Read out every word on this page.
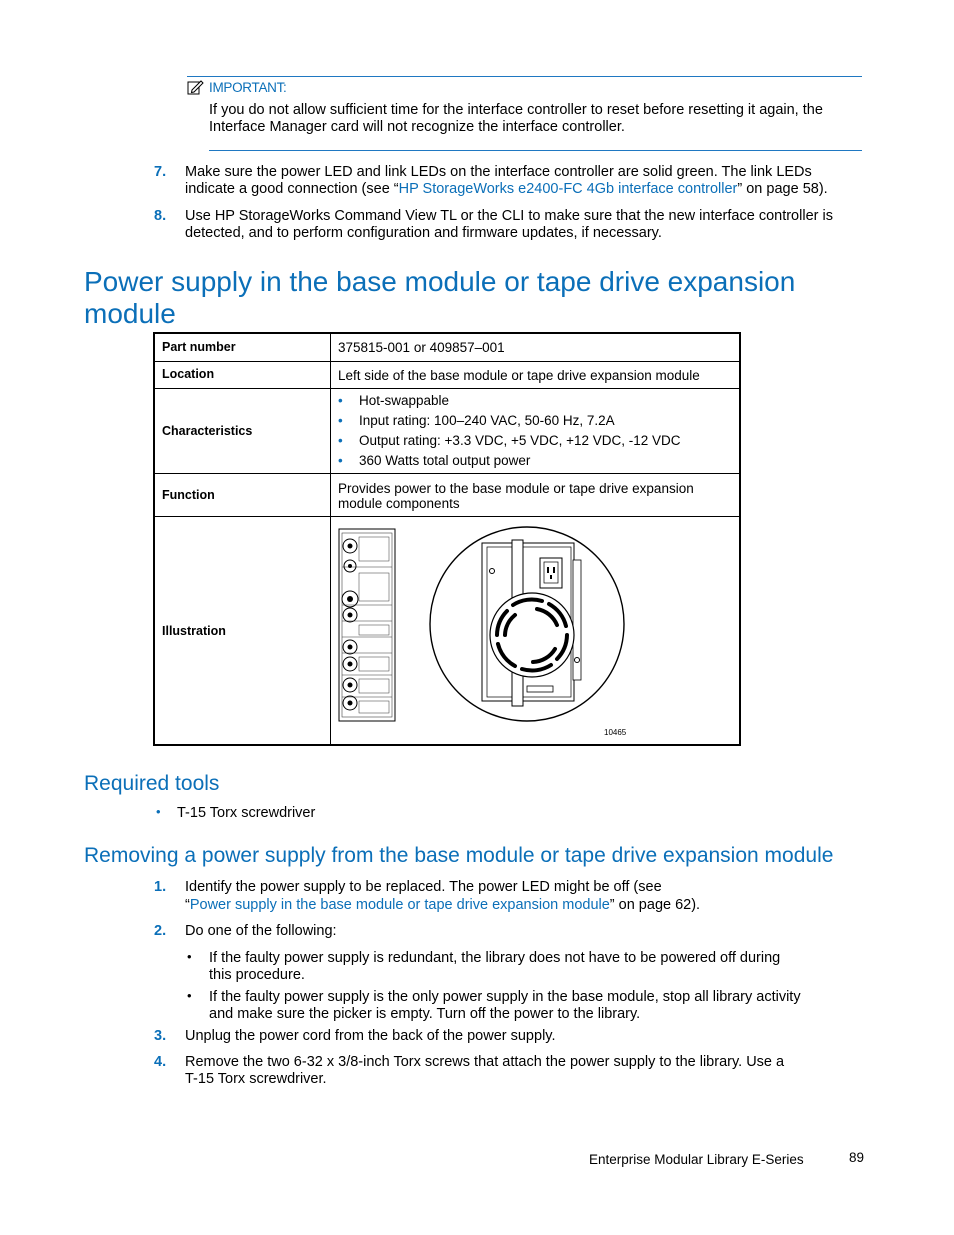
IMPORTANT:
If you do not allow sufficient time for the interface controller to reset before resetting it again, the
Interface Manager card will not recognize the interface controller.
7. Make sure the power LED and link LEDs on the interface controller are solid green. The link LEDs
indicate a good connection (see “HP StorageWorks e2400-FC 4Gb interface controller” on page 58).
8. Use HP StorageWorks Command View TL or the CLI to make sure that the new interface controller is
detected, and to perform configuration and firmware updates, if necessary.
Power supply in the base module or tape drive expansion
module
Part number	375815-001 or 409857–001
Location	Left side of the base module or tape drive expansion module
Characteristics
• Hot-swappable
• Input rating: 100–240 VAC, 50-60 Hz, 7.2A
• Output rating: +3.3 VDC, +5 VDC, +12 VDC, -12 VDC
• 360 Watts total output power
Function	Provides power to the base module or tape drive expansion
module components
Illustration
10465
Required tools
• T-15 Torx screwdriver
Removing a power supply from the base module or tape drive expansion module
1. Identify the power supply to be replaced. The power LED might be off (see
“Power supply in the base module or tape drive expansion module” on page 62).
2. Do one of the following:
• If the faulty power supply is redundant, the library does not have to be powered off during
this procedure.
• If the faulty power supply is the only power supply in the base module, stop all library activity
and make sure the picker is empty. Turn off the power to the library.
3. Unplug the power cord from the back of the power supply.
4. Remove the two 6-32 x 3/8-inch Torx screws that attach the power supply to the library. Use a
T-15 Torx screwdriver.
Enterprise Modular Library E-Series	89
